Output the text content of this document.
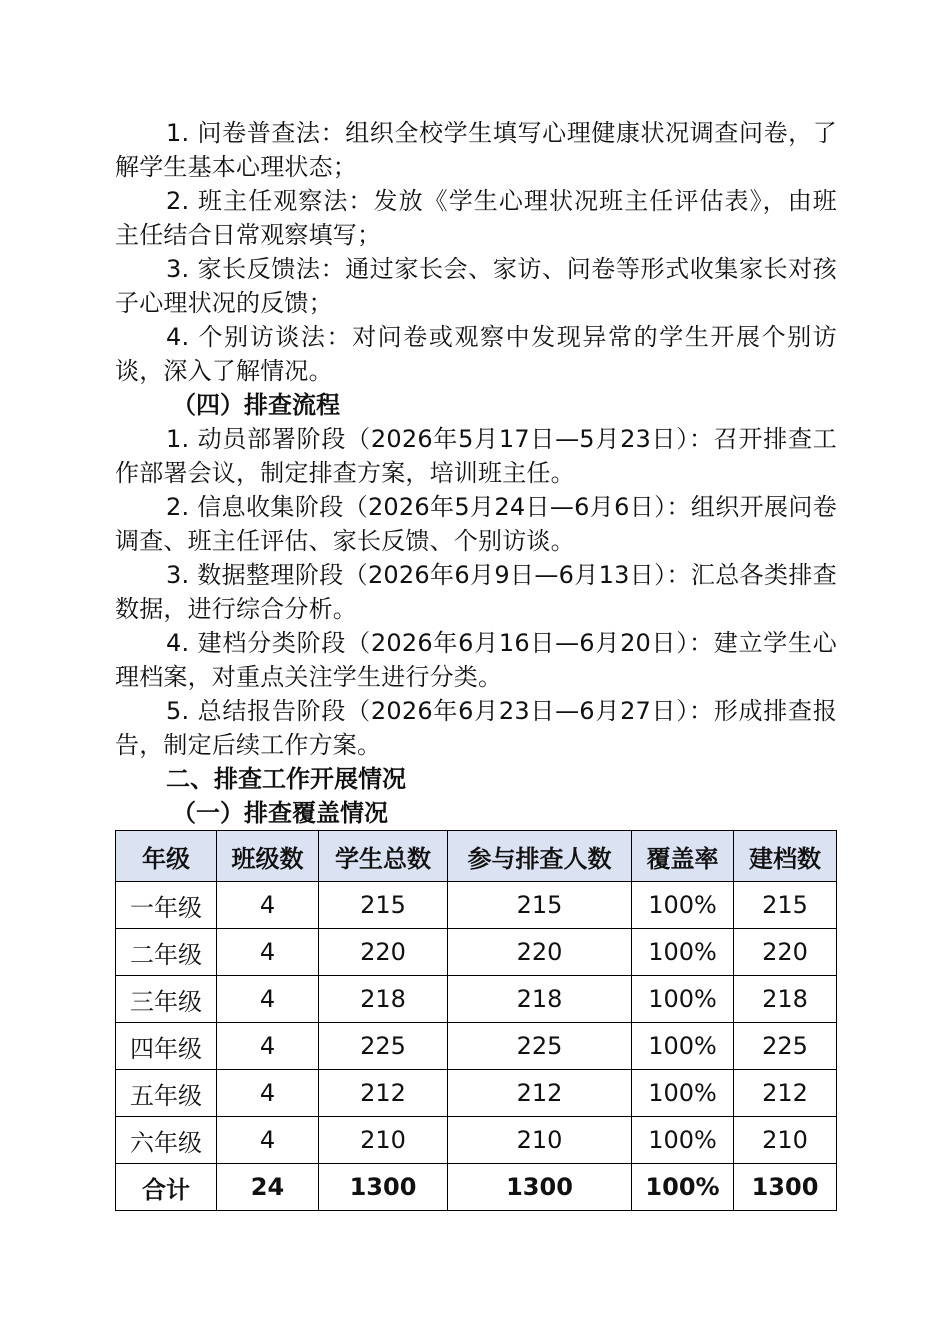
1. 问卷普查法：组织全校学生填写心理健康状况调查问卷，了解学生基本心理状态；

2. 班主任观察法：发放《学生心理状况班主任评估表》，由班主任结合日常观察填写；

3. 家长反馈法：通过家长会、家访、问卷等形式收集家长对孩子心理状况的反馈；

4. 个别访谈法：对问卷或观察中发现异常的学生开展个别访谈，深入了解情况。

（四）排查流程

1. 动员部署阶段（2026年5月17日—5月23日）：召开排查工作部署会议，制定排查方案，培训班主任。

2. 信息收集阶段（2026年5月24日—6月6日）：组织开展问卷调查、班主任评估、家长反馈、个别访谈。

3. 数据整理阶段（2026年6月9日—6月13日）：汇总各类排查数据，进行综合分析。

4. 建档分类阶段（2026年6月16日—6月20日）：建立学生心理档案，对重点关注学生进行分类。

5. 总结报告阶段（2026年6月23日—6月27日）：形成排查报告，制定后续工作方案。

二、排查工作开展情况

（一）排查覆盖情况

年级	班级数	学生总数	参与排查人数	覆盖率	建档数
一年级	4	215	215	100%	215
二年级	4	220	220	100%	220
三年级	4	218	218	100%	218
四年级	4	225	225	100%	225
五年级	4	212	212	100%	212
六年级	4	210	210	100%	210
合计	24	1300	1300	100%	1300
